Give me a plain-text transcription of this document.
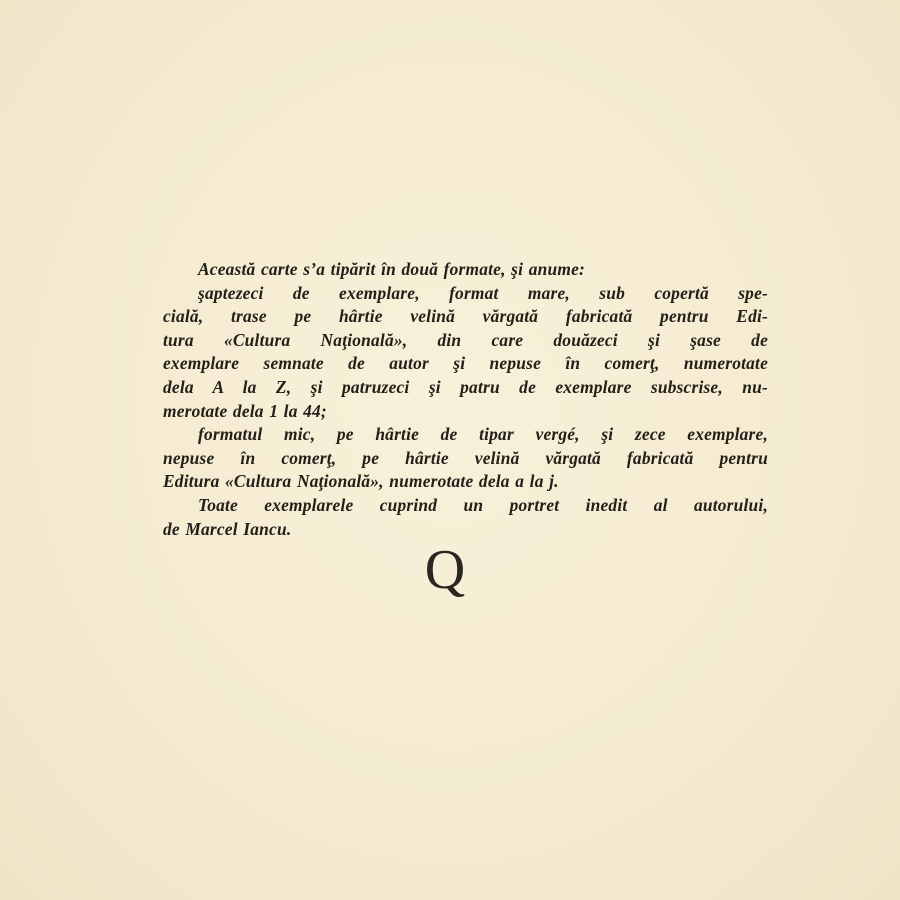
Această carte s’a tipărit în două formate, şi anume:
şaptezeci de exemplare, format mare, sub copertă spe-
cială, trase pe hârtie velină vărgată fabricată pentru Edi-
tura «Cultura Naţională», din care douăzeci şi şase de
exemplare semnate de autor şi nepuse în comerţ, numerotate
dela A la Z, şi patruzeci şi patru de exemplare subscrise, nu-
merotate dela 1 la 44;
formatul mic, pe hârtie de tipar vergé, şi zece exemplare,
nepuse în comerţ, pe hârtie velină vărgată fabricată pentru
Editura «Cultura Naţională», numerotate dela a la j.
Toate exemplarele cuprind un portret inedit al autorului,
de Marcel Iancu.
Q
